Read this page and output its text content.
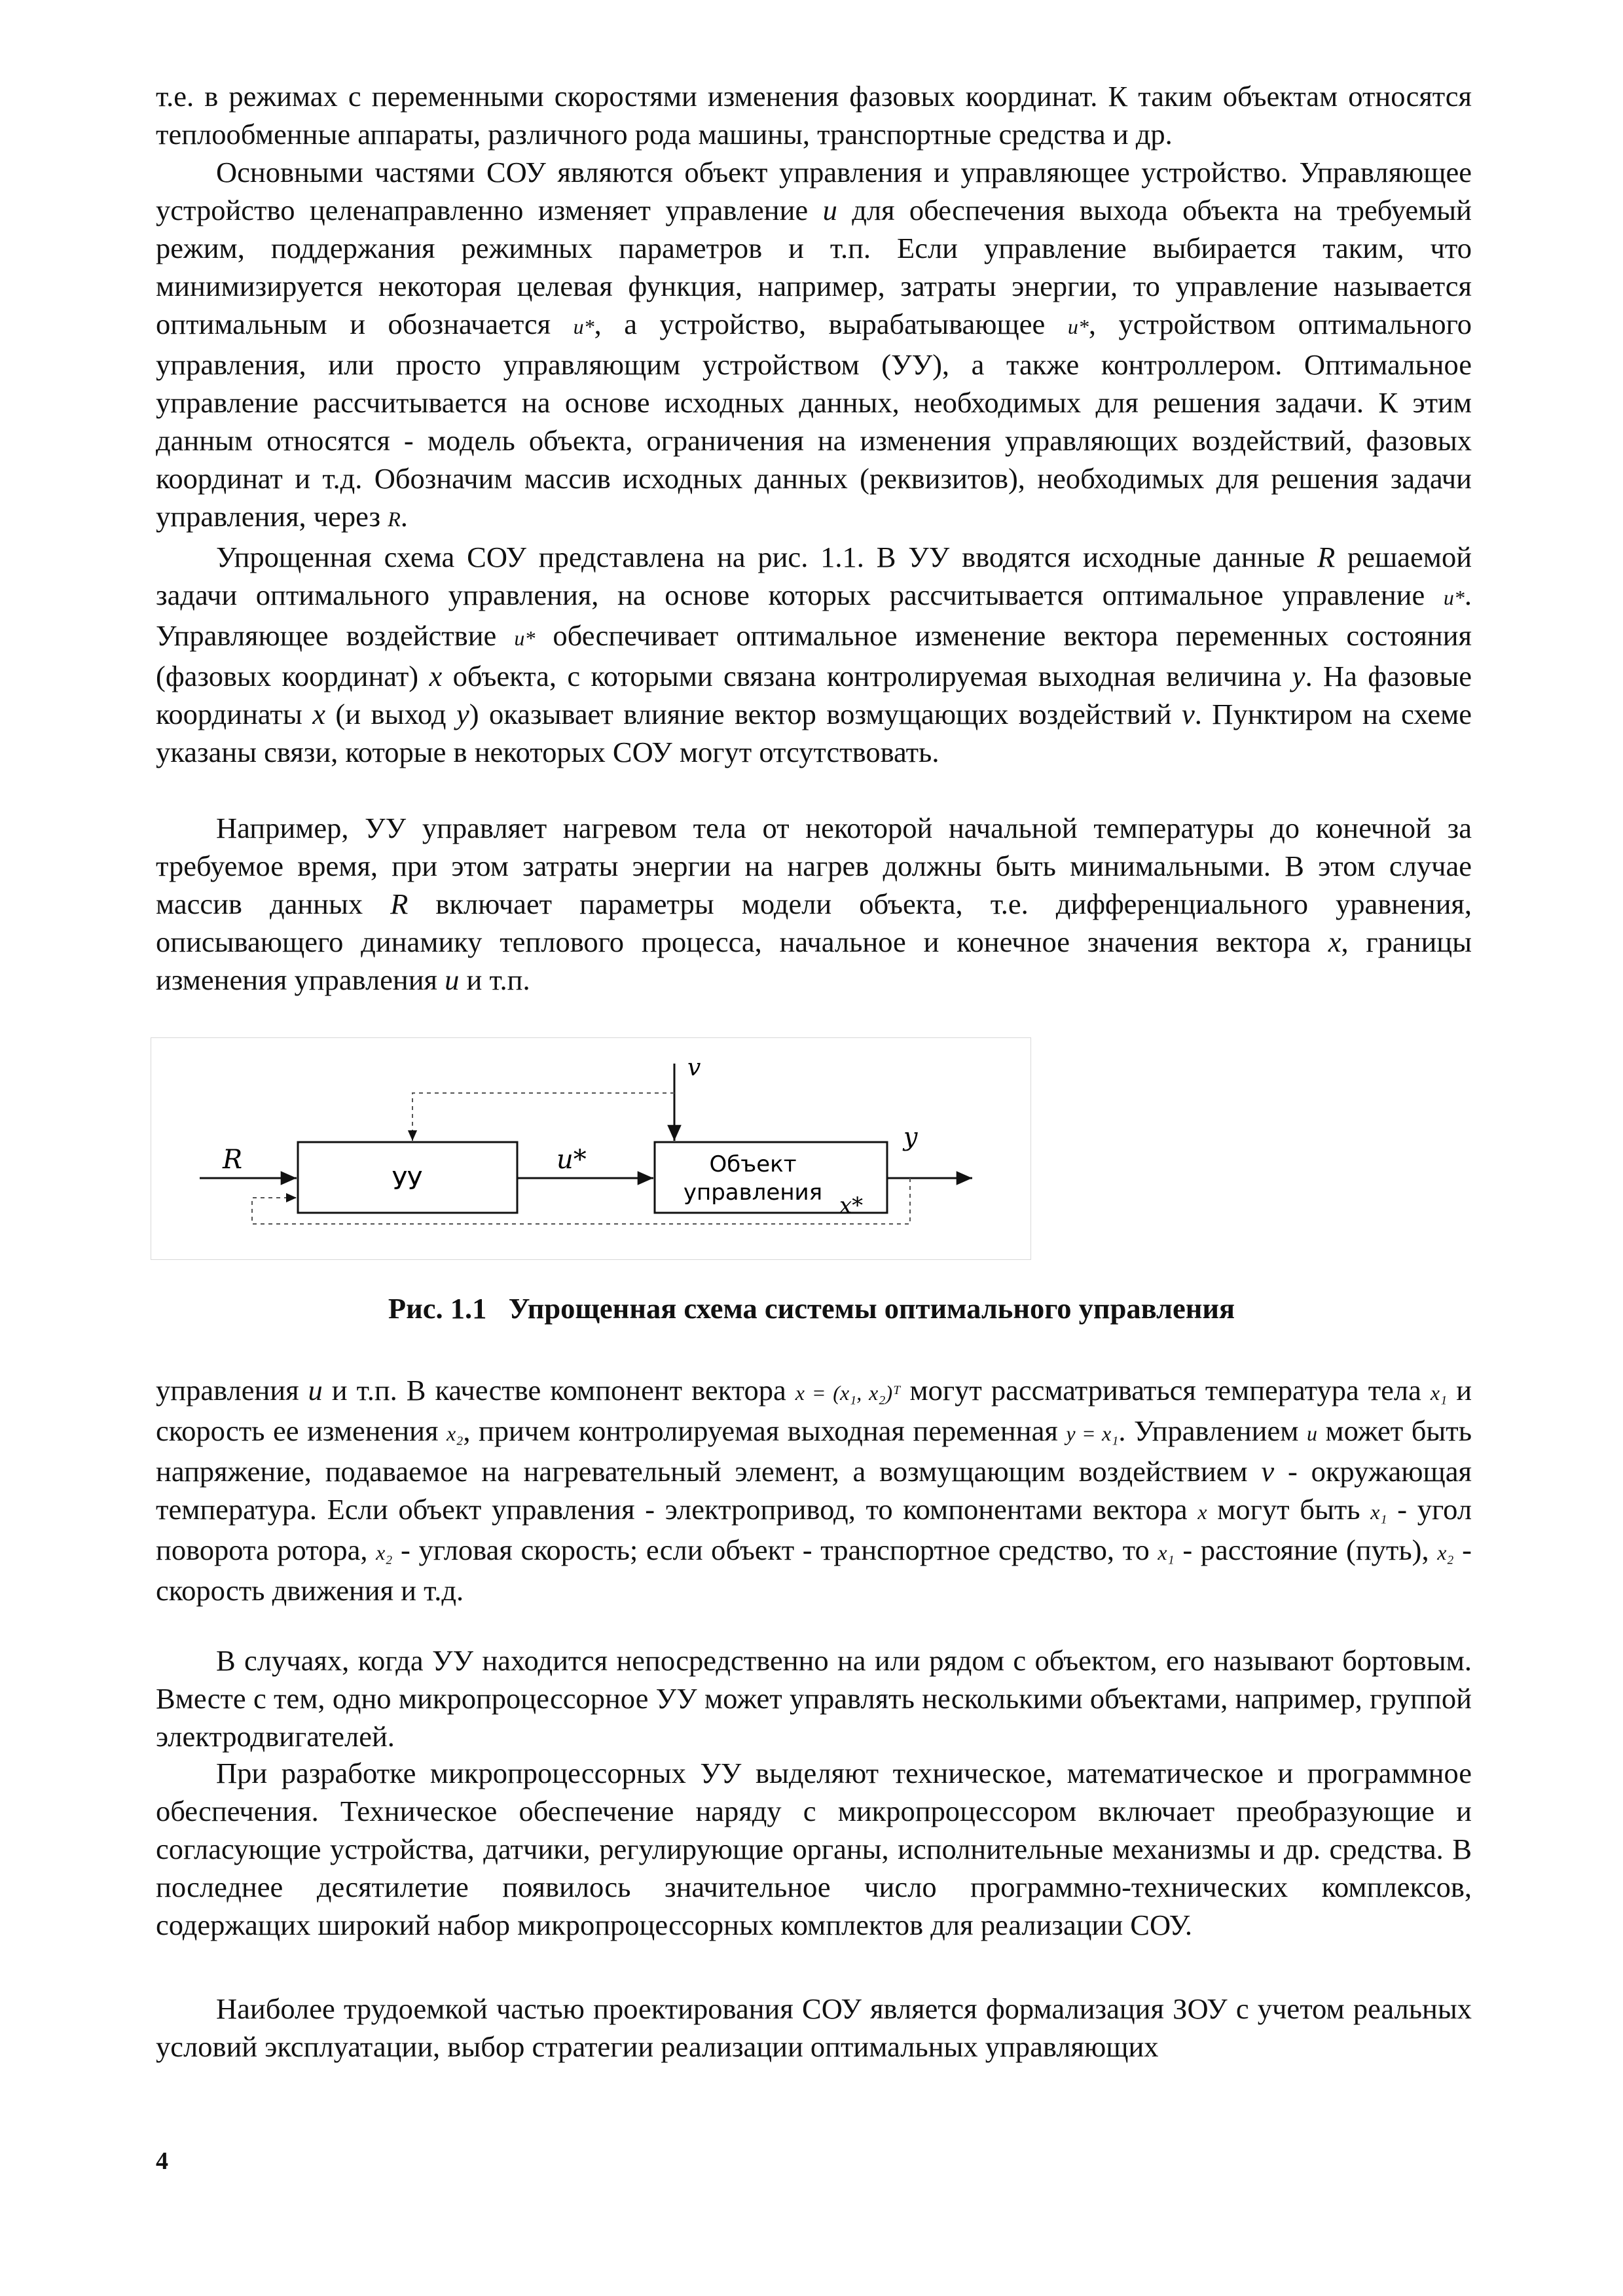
т.е. в режимах с переменными скоростями изменения фазовых координат. К таким объектам относятся теплообменные аппараты, различного рода машины, транспортные средства и др.

Основными частями СОУ являются объект управления и управляющее устройство. Управляющее устройство целенаправленно изменяет управление u для обеспечения выхода объекта на требуемый режим, поддержания режимных параметров и т.п. Если управление выбирается таким, что минимизируется некоторая целевая функция, например, затраты энергии, то управление называется оптимальным и обозначается u*, а устройство, вырабатывающее u*, устройством оптимального управления, или просто управляющим устройством (УУ), а также контроллером. Оптимальное управление рассчитывается на основе исходных данных, необходимых для решения задачи. К этим данным относятся - модель объекта, ограничения на изменения управляющих воздействий, фазовых координат и т.д. Обозначим массив исходных данных (реквизитов), необходимых для решения задачи управления, через R.

Упрощенная схема СОУ представлена на рис. 1.1. В УУ вводятся исходные данные R решаемой задачи оптимального управления, на основе которых рассчитывается оптимальное управление u*. Управляющее воздействие u* обеспечивает оптимальное изменение вектора переменных состояния (фазовых координат) x объекта, с которыми связана контролируемая выходная величина y. На фазовые координаты x (и выход y) оказывает влияние вектор возмущающих воздействий v. Пунктиром на схеме указаны связи, которые в некоторых СОУ могут отсутствовать.

Например, УУ управляет нагревом тела от некоторой начальной температуры до конечной за требуемое время, при этом затраты энергии на нагрев должны быть минимальными. В этом случае массив данных R включает параметры модели объекта, т.е. дифференциального уравнения, описывающего динамику теплового процесса, начальное и конечное значения вектора x, границы изменения управления u и т.п.

R
УУ
u*	Объект
управления x*
v
y
Рис. 1.1 Упрощенная схема системы оптимального управления

управления u и т.п. В качестве компонент вектора x = (x₁, x₂)ᵀ могут рассматриваться температура тела x₁ и скорость ее изменения x₂, причем контролируемая выходная переменная y = x₁. Управлением u может быть напряжение, подаваемое на нагревательный элемент, а возмущающим воздействием v - окружающая температура. Если объект управления - электропривод, то компонентами вектора x могут быть x₁ - угол поворота ротора, x₂ - угловая скорость; если объект - транспортное средство, то x₁ - расстояние (путь), x₂ - скорость движения и т.д.

В случаях, когда УУ находится непосредственно на или рядом с объектом, его называют бортовым. Вместе с тем, одно микропроцессорное УУ может управлять несколькими объектами, например, группой электродвигателей.

При разработке микропроцессорных УУ выделяют техническое, математическое и программное обеспечения. Техническое обеспечение наряду с микропроцессором включает преобразующие и согласующие устройства, датчики, регулирующие органы, исполнительные механизмы и др. средства. В последнее десятилетие появилось значительное число программно-технических комплексов, содержащих широкий набор микропроцессорных комплектов для реализации СОУ.

Наиболее трудоемкой частью проектирования СОУ является формализация ЗОУ с учетом реальных условий эксплуатации, выбор стратегии реализации оптимальных управляющих

4
